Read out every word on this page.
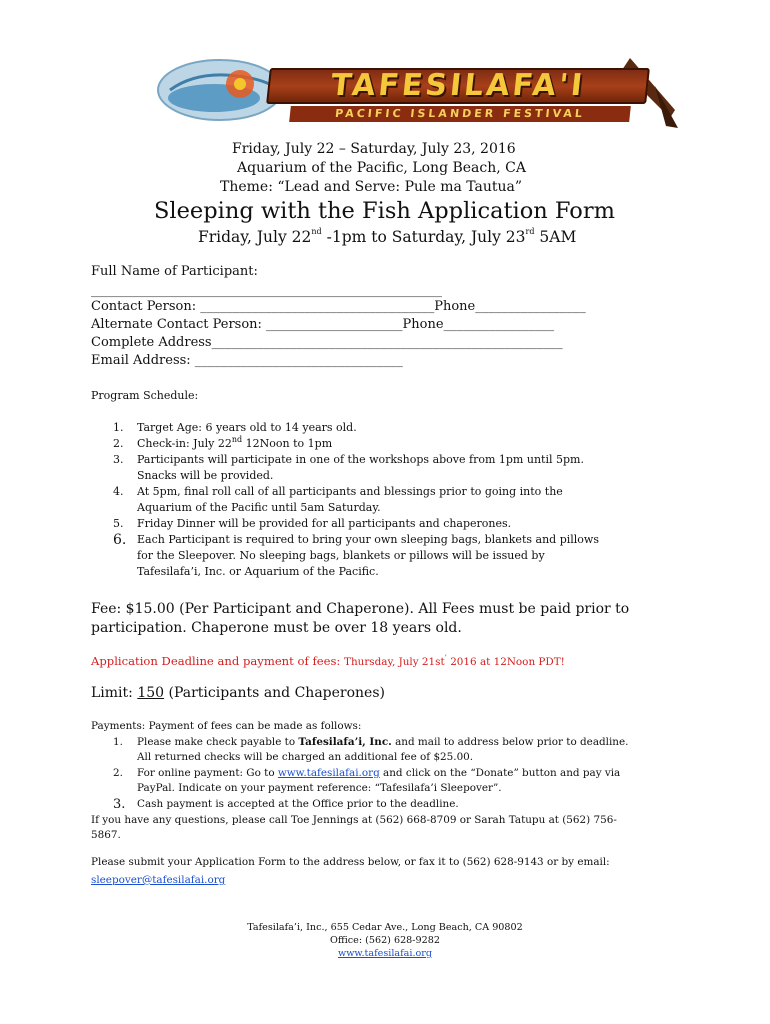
TAFESILAFA'I
PACIFIC ISLANDER FESTIVAL
Friday, July 22 – Saturday, July 23, 2016
Aquarium of the Pacific, Long Beach, CA
Theme: “Lead and Serve: Pule ma Tautua”
Sleeping with the Fish Application Form
Friday, July 22nd -1pm to Saturday, July 23rd 5AM
Full Name of Participant:
______________________________________________________
Contact Person: ____________________________________Phone_________________
Alternate Contact Person: _____________________Phone_________________
Complete Address______________________________________________________
Email Address: ________________________________
Program Schedule:
1. Target Age: 6 years old to 14 years old.
2. Check-in: July 22nd 12Noon to 1pm
3. Participants will participate in one of the workshops above from 1pm until 5pm.
Snacks will be provided.
4. At 5pm, final roll call of all participants and blessings prior to going into the
Aquarium of the Pacific until 5am Saturday.
5. Friday Dinner will be provided for all participants and chaperones.
6. Each Participant is required to bring your own sleeping bags, blankets and pillows
for the Sleepover. No sleeping bags, blankets or pillows will be issued by
Tafesilafa’i, Inc. or Aquarium of the Pacific.
Fee: $15.00 (Per Participant and Chaperone). All Fees must be paid prior to
participation. Chaperone must be over 18 years old.
Application Deadline and payment of fees: Thursday, July 21st’ 2016 at 12Noon PDT!
Limit: 150 (Participants and Chaperones)
Payments: Payment of fees can be made as follows:
1. Please make check payable to Tafesilafa’i, Inc. and mail to address below prior to deadline.
All returned checks will be charged an additional fee of $25.00.
2. For online payment: Go to www.tafesilafai.org and click on the “Donate” button and pay via
PayPal. Indicate on your payment reference: “Tafesilafa’i Sleepover”.
3. Cash payment is accepted at the Office prior to the deadline.
If you have any questions, please call Toe Jennings at (562) 668-8709 or Sarah Tatupu at (562) 756-
5867.
Please submit your Application Form to the address below, or fax it to (562) 628-9143 or by email:
sleepover@tafesilafai.org
Tafesilafa’i, Inc., 655 Cedar Ave., Long Beach, CA 90802
Office: (562) 628-9282
www.tafesilafai.org
